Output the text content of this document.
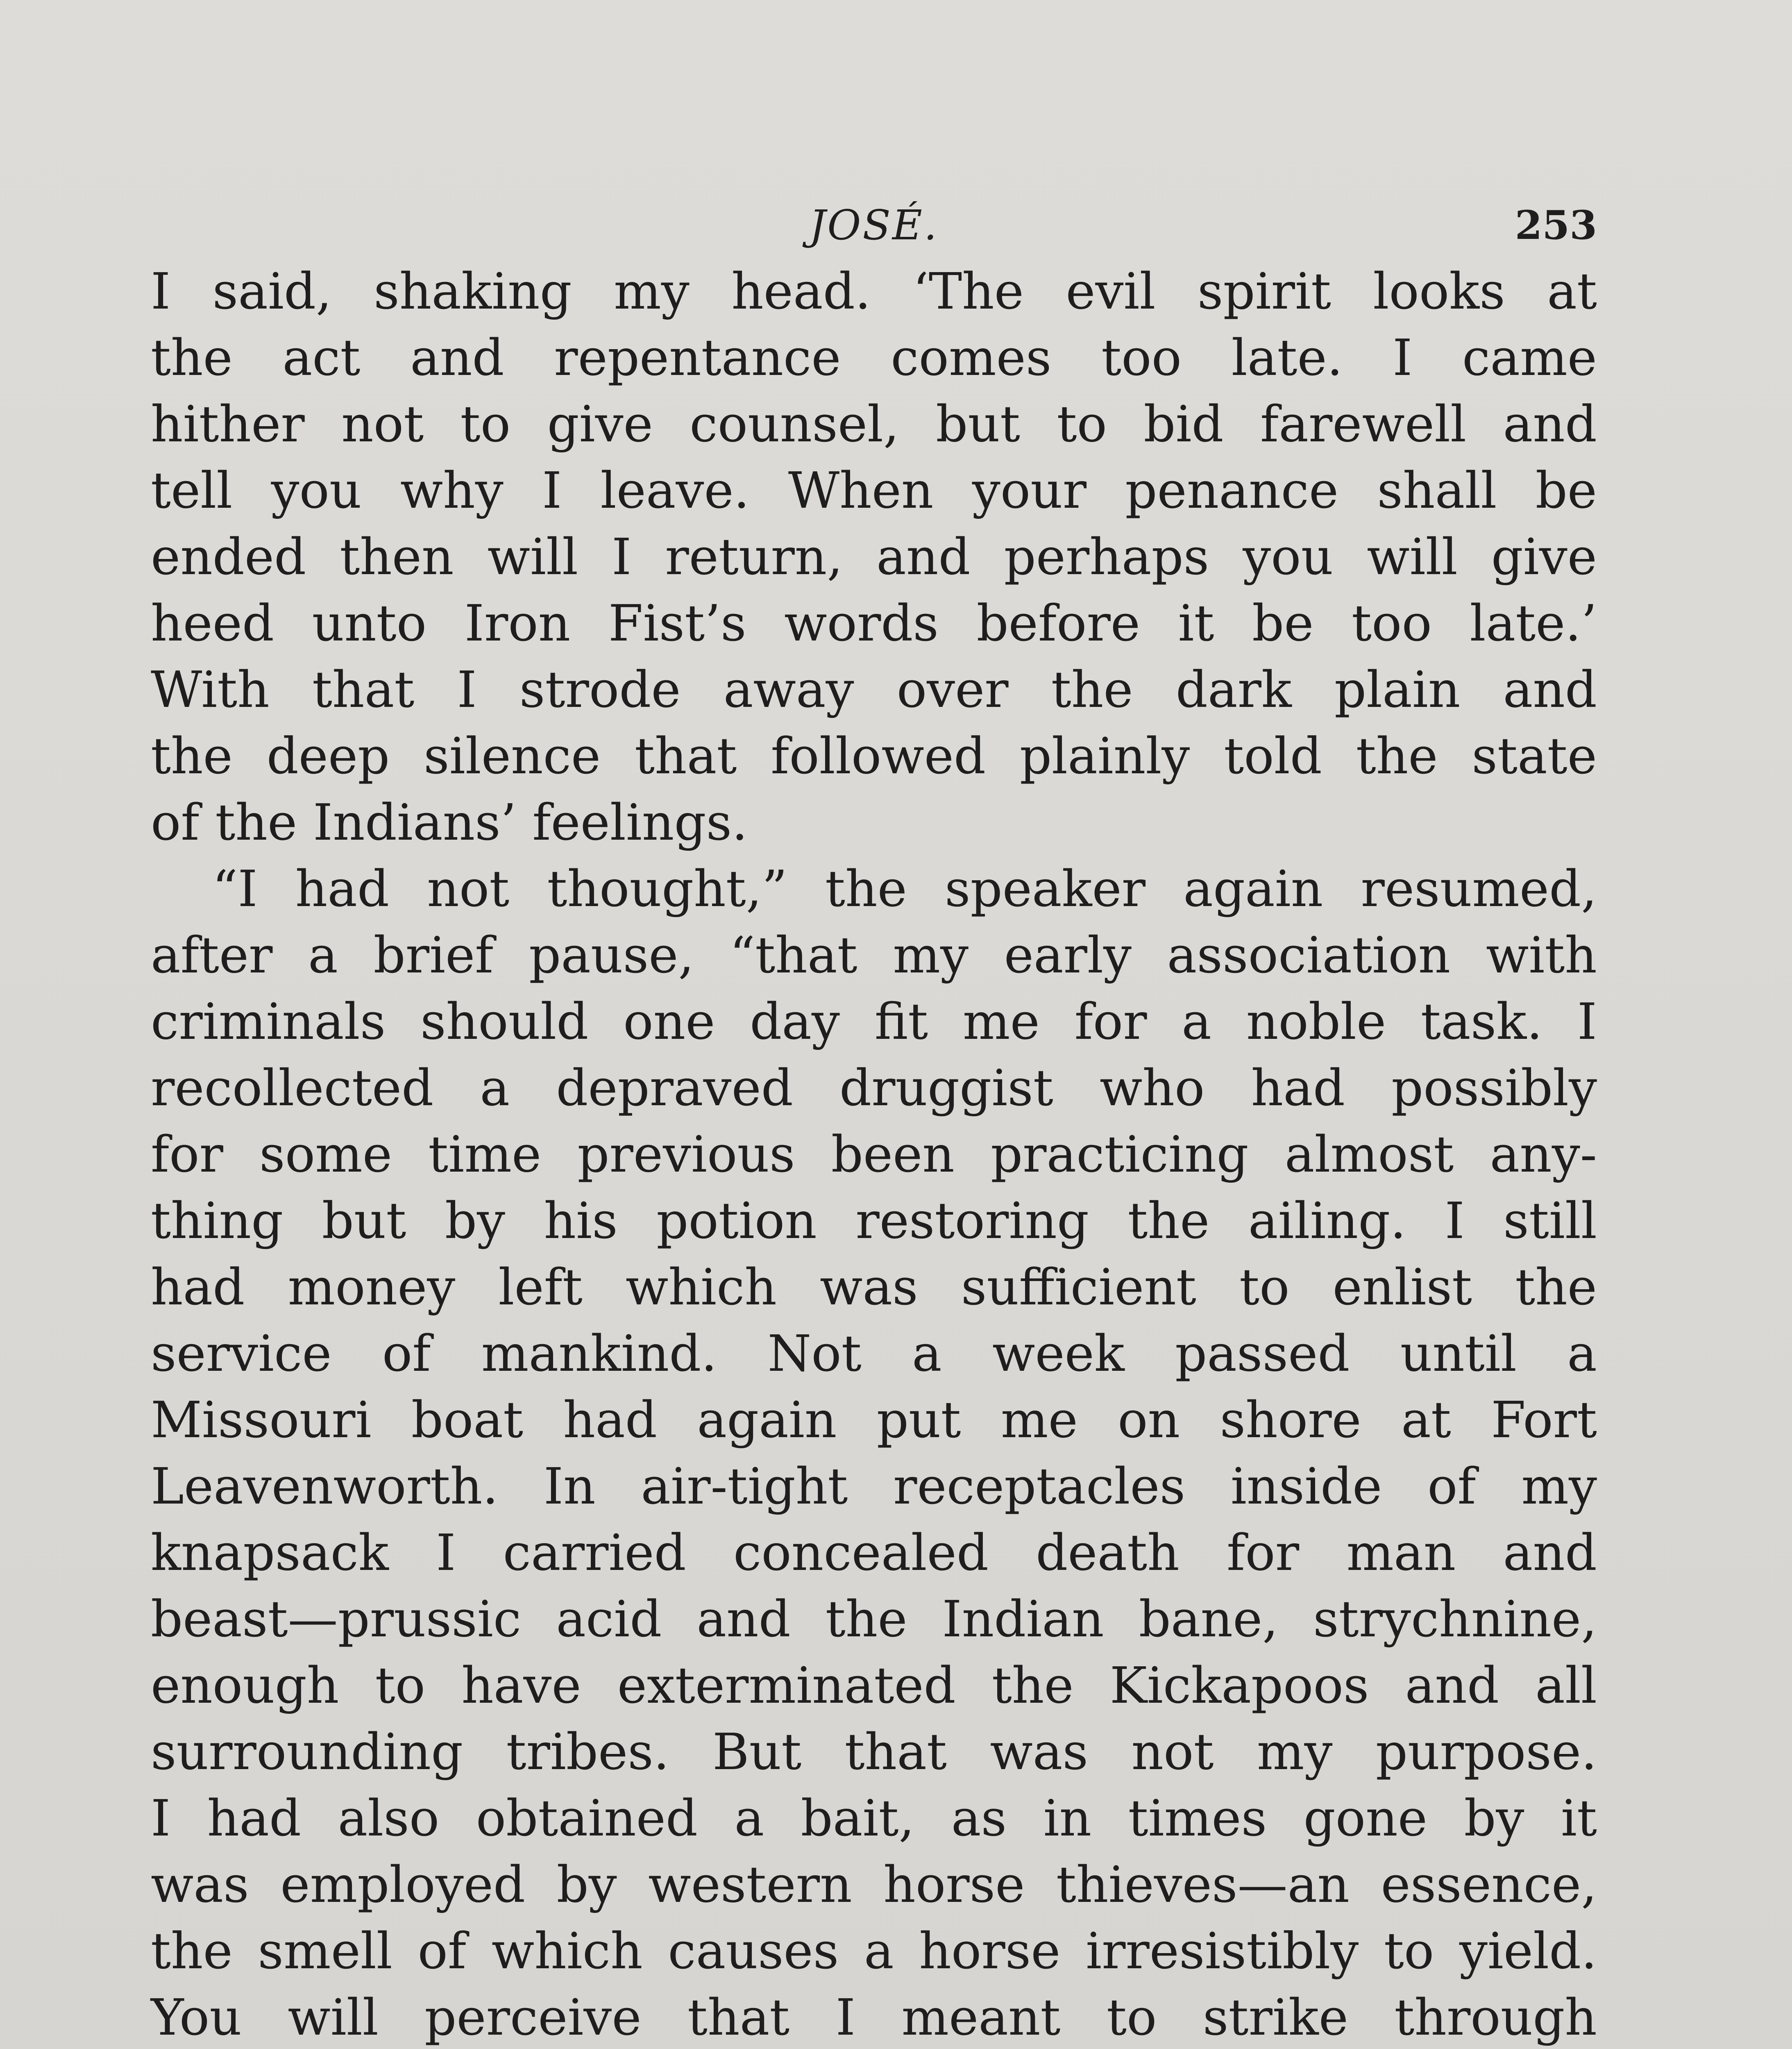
JOSÉ.	253
I said, shaking my head. ‘The evil spirit looks at
the act and repentance comes too late. I came
hither not to give counsel, but to bid farewell and
tell you why I leave. When your penance shall be
ended then will I return, and perhaps you will give
heed unto Iron Fist’s words before it be too late.’
With that I strode away over the dark plain and
the deep silence that followed plainly told the state
of the Indians’ feelings.
“I had not thought,” the speaker again resumed,
after a brief pause, “that my early association with
criminals should one day fit me for a noble task. I
recollected a depraved druggist who had possibly
for some time previous been practicing almost any-
thing but by his potion restoring the ailing. I still
had money left which was sufficient to enlist the
service of mankind. Not a week passed until a
Missouri boat had again put me on shore at Fort
Leavenworth. In air-tight receptacles inside of my
knapsack I carried concealed death for man and
beast—prussic acid and the Indian bane, strychnine,
enough to have exterminated the Kickapoos and all
surrounding tribes. But that was not my purpose.
I had also obtained a bait, as in times gone by it
was employed by western horse thieves—an essence,
the smell of which causes a horse irresistibly to yield.
You will perceive that I meant to strike through
